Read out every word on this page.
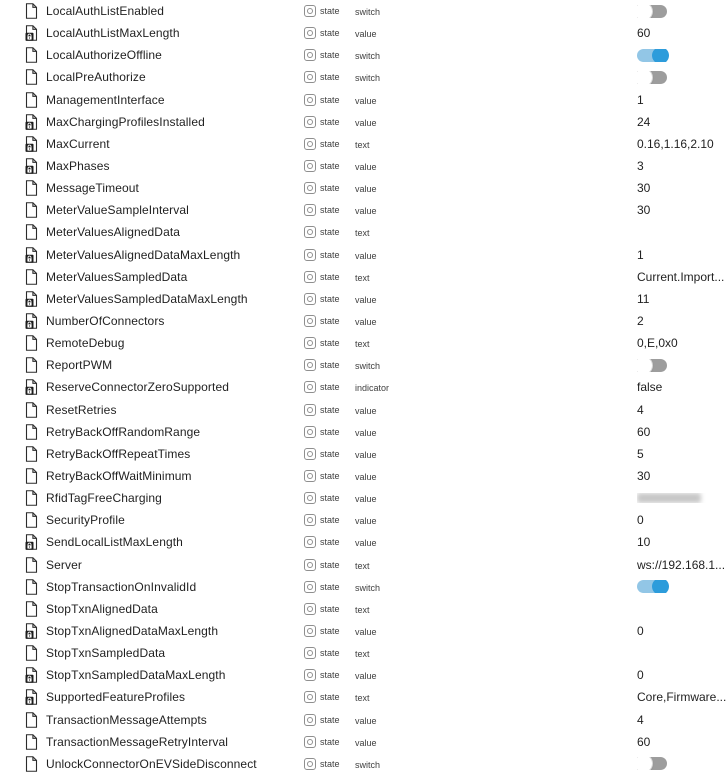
LocalAuthListEnabled	state switch
LocalAuthListMaxLength	state value	60
LocalAuthorizeOffline	state switch
LocalPreAuthorize	state switch
ManagementInterface	state value	1
MaxChargingProfilesInstalled	state value	24
MaxCurrent	state text	0.16,1.16,2.10
MaxPhases	state value	3
MessageTimeout	state value	30
MeterValueSampleInterval	state value	30
MeterValuesAlignedData	state text
MeterValuesAlignedDataMaxLength	state value	1
MeterValuesSampledData	state text	Current.Import...
MeterValuesSampledDataMaxLength	state value	11
NumberOfConnectors	state value	2
RemoteDebug	state text	0,E,0x0
ReportPWM	state switch
ReserveConnectorZeroSupported	state indicator	false
ResetRetries	state value	4
RetryBackOffRandomRange	state value	60
RetryBackOffRepeatTimes	state value	5
RetryBackOffWaitMinimum	state value	30
RfidTagFreeCharging	state value
SecurityProfile	state value	0
SendLocalListMaxLength	state value	10
Server	state text	ws://192.168.1...
StopTransactionOnInvalidId	state switch
StopTxnAlignedData	state text
StopTxnAlignedDataMaxLength	state value	0
StopTxnSampledData	state text
StopTxnSampledDataMaxLength	state value	0
SupportedFeatureProfiles	state text	Core,Firmware...
TransactionMessageAttempts	state value	4
TransactionMessageRetryInterval	state value	60
UnlockConnectorOnEVSideDisconnect	state switch
